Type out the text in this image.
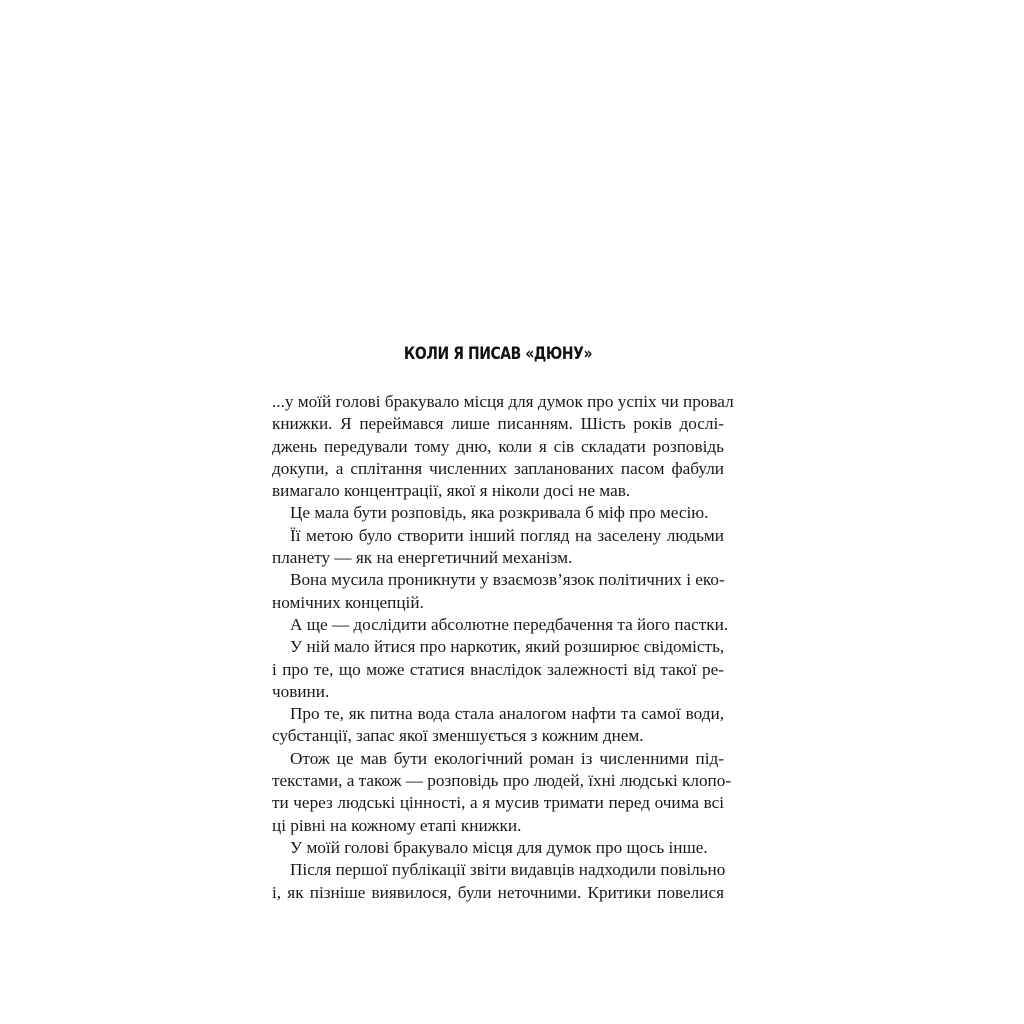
КОЛИ Я ПИСАВ «ДЮНУ»
...у моїй голові бракувало місця для думок про успіх чи провал
книжки. Я переймався лише писанням. Шість років дослі-
джень передували тому дню, коли я сів складати розповідь
докупи, а сплітання численних запланованих пасом фабули
вимагало концентрації, якої я ніколи досі не мав.
Це мала бути розповідь, яка розкривала б міф про месію.
Її метою було створити інший погляд на заселену людьми
планету — як на енергетичний механізм.
Вона мусила проникнути у взаємозв’язок політичних і еко-
номічних концепцій.
А ще — дослідити абсолютне передбачення та його пастки.
У ній мало йтися про наркотик, який розширює свідомість,
і про те, що може статися внаслідок залежності від такої ре-
човини.
Про те, як питна вода стала аналогом нафти та самої води,
субстанції, запас якої зменшується з кожним днем.
Отож це мав бути екологічний роман із численними під-
текстами, а також — розповідь про людей, їхні людські клопо-
ти через людські цінності, а я мусив тримати перед очима всі
ці рівні на кожному етапі книжки.
У моїй голові бракувало місця для думок про щось інше.
Після першої публікації звіти видавців надходили повільно
і, як пізніше виявилося, були неточними. Критики повелися
